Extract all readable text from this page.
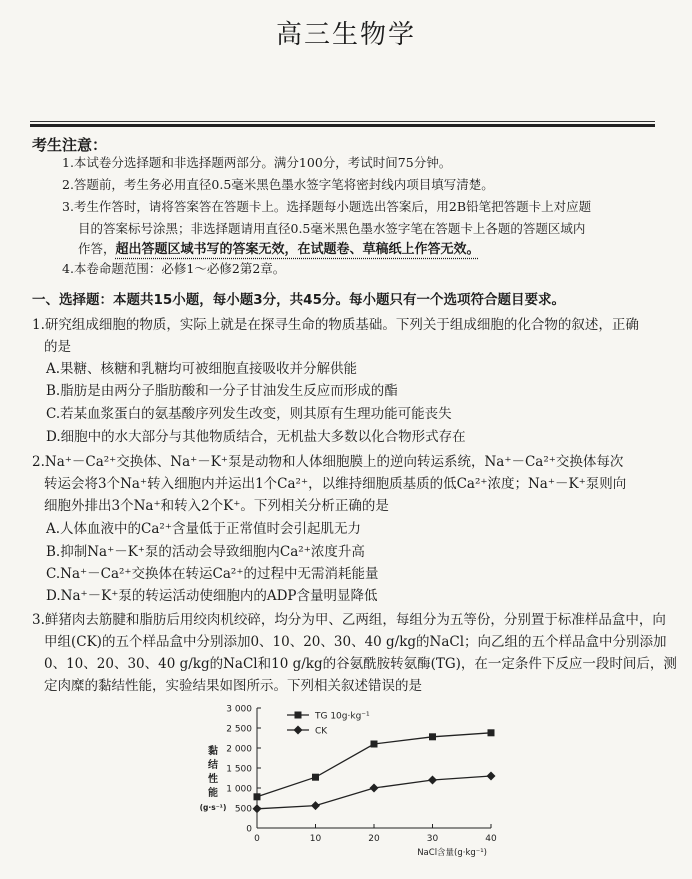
高三生物学
考生注意：
1.本试卷分选择题和非选择题两部分。满分100分，考试时间75分钟。
2.答题前，考生务必用直径0.5毫米黑色墨水签字笔将密封线内项目填写清楚。
3.考生作答时，请将答案答在答题卡上。选择题每小题选出答案后，用2B铅笔把答题卡上对应题
目的答案标号涂黑；非选择题请用直径0.5毫米黑色墨水签字笔在答题卡上各题的答题区域内
作答，超出答题区域书写的答案无效，在试题卷、草稿纸上作答无效。
4.本卷命题范围：必修1～必修2第2章。
一、选择题：本题共15小题，每小题3分，共45分。每小题只有一个选项符合题目要求。
1.研究组成细胞的物质，实际上就是在探寻生命的物质基础。下列关于组成细胞的化合物的叙述，正确
的是
A.果糖、核糖和乳糖均可被细胞直接吸收并分解供能
B.脂肪是由两分子脂肪酸和一分子甘油发生反应而形成的酯
C.若某血浆蛋白的氨基酸序列发生改变，则其原有生理功能可能丧失
D.细胞中的水大部分与其他物质结合，无机盐大多数以化合物形式存在
2.Na⁺－Ca²⁺交换体、Na⁺－K⁺泵是动物和人体细胞膜上的逆向转运系统，Na⁺－Ca²⁺交换体每次
转运会将3个Na⁺转入细胞内并运出1个Ca²⁺，以维持细胞质基质的低Ca²⁺浓度；Na⁺－K⁺泵则向
细胞外排出3个Na⁺和转入2个K⁺。下列相关分析正确的是
A.人体血液中的Ca²⁺含量低于正常值时会引起肌无力
B.抑制Na⁺－K⁺泵的活动会导致细胞内Ca²⁺浓度升高
C.Na⁺－Ca²⁺交换体在转运Ca²⁺的过程中无需消耗能量
D.Na⁺－K⁺泵的转运活动使细胞内的ADP含量明显降低
3.鲜猪肉去筋腱和脂肪后用绞肉机绞碎，均分为甲、乙两组，每组分为五等份，分别置于标准样品盒中，向
甲组(CK)的五个样品盒中分别添加0、10、20、30、40 g/kg的NaCl；向乙组的五个样品盒中分别添加
0、10、20、30、40 g/kg的NaCl和10 g/kg的谷氨酰胺转氨酶(TG)，在一定条件下反应一段时间后，测
定肉糜的黏结性能，实验结果如图所示。下列相关叙述错误的是
0
500
1 000
1 500
2 000
2 500
3 000
0	10	20	30	40
NaCl含量(g·kg⁻¹)
黏
结
性
能
(g·s⁻¹)
TG 10g·kg⁻¹
CK
